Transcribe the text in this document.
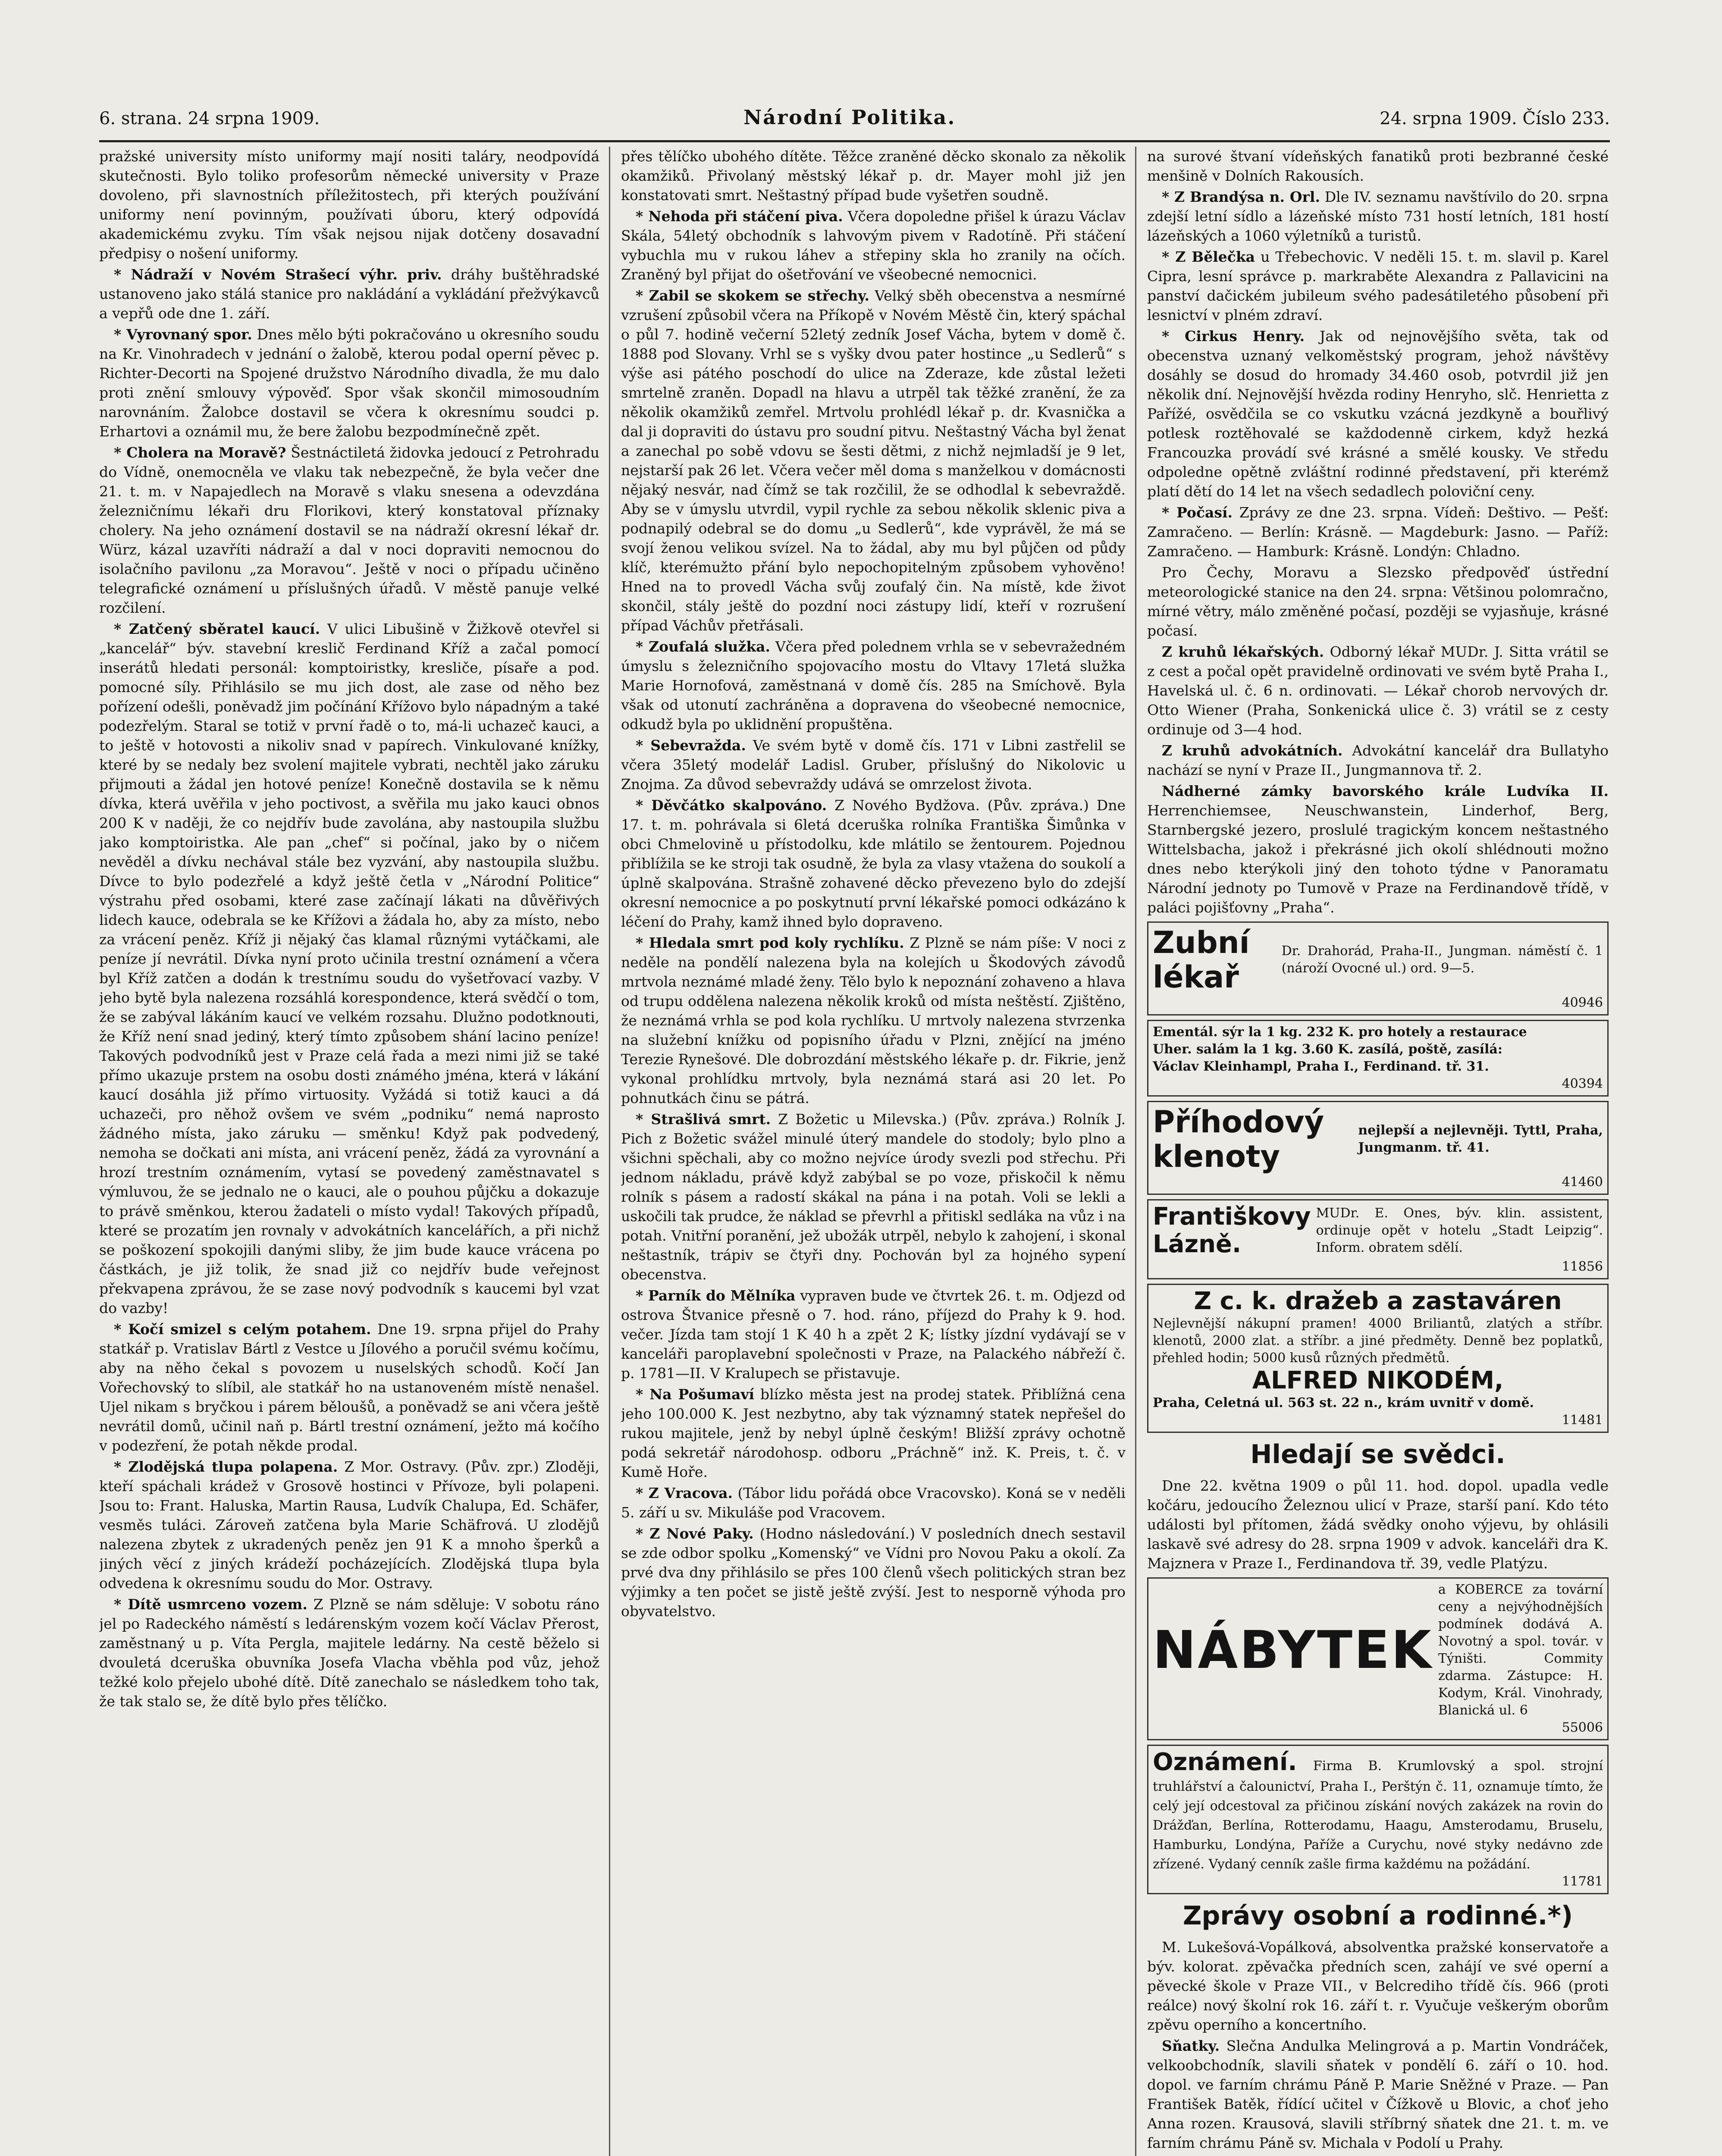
6. strana. 24 srpna 1909.	Národní Politika.	24. srpna 1909. Číslo 233.

pražské university místo uniformy mají nositi taláry, neodpovídá skutečnosti. Bylo toliko profesorům německé university v Praze dovoleno, při slavnostních příležitostech, při kterých používání uniformy není povinným, používati úboru, který odpovídá akademickému zvyku. Tím však nejsou nijak dotčeny dosavadní předpisy o nošení uniformy.

* Nádraží v Novém Strašecí výhr. priv. dráhy buštěhradské ustanoveno jako stálá stanice pro nakládání a vykládání přežvýkavců a vepřů ode dne 1. září.

* Vyrovnaný spor. Dnes mělo býti pokračováno u okresního soudu na Kr. Vinohradech v jednání o žalobě, kterou podal operní pěvec p. Richter-Decorti na Spojené družstvo Národního divadla, že mu dalo proti znění smlouvy výpověď. Spor však skončil mimosoudním narovnáním. Žalobce dostavil se včera k okresnímu soudci p. Erhartovi a oznámil mu, že bere žalobu bezpodmínečně zpět.

* Cholera na Moravě? Šestnáctiletá židovka jedoucí z Petrohradu do Vídně, onemocněla ve vlaku tak nebezpečně, že byla večer dne 21. t. m. v Napajedlech na Moravě s vlaku snesena a odevzdána železničnímu lékaři dru Florikovi, který konstatoval příznaky cholery. Na jeho oznámení dostavil se na nádraží okresní lékař dr. Würz, kázal uzavříti nádraží a dal v noci dopraviti nemocnou do isolačního pavilonu „za Moravou“. Ještě v noci o případu učiněno telegrafické oznámení u příslušných úřadů. V městě panuje velké rozčilení.

* Zatčený sběratel kaucí. V ulici Libušině v Žižkově otevřel si „kancelář“ býv. stavební kreslič Ferdinand Kříž a začal pomocí inserátů hledati personál: komptoiristky, kresliče, písaře a pod. pomocné síly. Přihlásilo se mu jich dost, ale zase od něho bez pořízení odešli, poněvadž jim počínání Křížovo bylo nápadným a také podezřelým. Staral se totiž v první řadě o to, má-li uchazeč kauci, a to ještě v hotovosti a nikoliv snad v papírech. Vinkulované knížky, které by se nedaly bez svolení majitele vybrati, nechtěl jako záruku přijmouti a žádal jen hotové peníze! Konečně dostavila se k němu dívka, která uvěřila v jeho poctivost, a svěřila mu jako kauci obnos 200 K v naději, že co nejdřív bude zavolána, aby nastoupila službu jako komptoiristka. Ale pan „chef“ si počínal, jako by o ničem nevěděl a dívku nechával stále bez vyzvání, aby nastoupila službu. Dívce to bylo podezřelé a když ještě četla v „Národní Politice“ výstrahu před osobami, které zase začínají lákati na důvěřivých lidech kauce, odebrala se ke Křížovi a žádala ho, aby za místo, nebo za vrácení peněz. Kříž ji nějaký čas klamal různými vytáčkami, ale peníze jí nevrátil. Dívka nyní proto učinila trestní oznámení a včera byl Kříž zatčen a dodán k trestnímu soudu do vyšetřovací vazby. V jeho bytě byla nalezena rozsáhlá korespondence, která svědčí o tom, že se zabýval lákáním kaucí ve velkém rozsahu. Dlužno podotknouti, že Kříž není snad jediný, který tímto způsobem shání lacino peníze! Takových podvodníků jest v Praze celá řada a mezi nimi již se také přímo ukazuje prstem na osobu dosti známého jména, která v lákání kaucí dosáhla již přímo virtuosity. Vyžádá si totiž kauci a dá uchazeči, pro něhož ovšem ve svém „podniku“ nemá naprosto žádného místa, jako záruku — směnku! Když pak podvedený, nemoha se dočkati ani místa, ani vrácení peněz, žádá za vyrovnání a hrozí trestním oznámením, vytasí se povedený zaměstnavatel s výmluvou, že se jednalo ne o kauci, ale o pouhou půjčku a dokazuje to právě směnkou, kterou žadateli o místo vydal! Takových případů, které se prozatím jen rovnaly v advokátních kancelářích, a při nichž se poškození spokojili danými sliby, že jim bude kauce vrácena po částkách, je již tolik, že snad již co nejdřív bude veřejnost překvapena zprávou, že se zase nový podvodník s kaucemi byl vzat do vazby!

* Kočí smizel s celým potahem. Dne 19. srpna přijel do Prahy statkář p. Vratislav Bártl z Vestce u Jílového a poručil svému kočímu, aby na něho čekal s povozem u nuselských schodů. Kočí Jan Vořechovský to slíbil, ale statkář ho na ustanoveném místě nenašel. Ujel nikam s bryčkou i párem běloušů, a poněvadž se ani včera ještě nevrátil domů, učinil naň p. Bártl trestní oznámení, ježto má kočího v podezření, že potah někde prodal.

* Zlodějská tlupa polapena. Z Mor. Ostravy. (Pův. zpr.) Zloději, kteří spáchali krádež v Grosově hostinci v Přívoze, byli polapeni. Jsou to: Frant. Haluska, Martin Rausa, Ludvík Chalupa, Ed. Schäfer, vesměs tuláci. Zároveň zatčena byla Marie Schäfrová. U zlodějů nalezena zbytek z ukradených peněz jen 91 K a mnoho šperků a jiných věcí z jiných krádeží pocházejících. Zlodějská tlupa byla odvedena k okresnímu soudu do Mor. Ostravy.

* Dítě usmrceno vozem. Z Plzně se nám sděluje: V sobotu ráno jel po Radeckého náměstí s ledárenským vozem kočí Václav Přerost, zaměstnaný u p. Víta Pergla, majitele ledárny. Na cestě běželo si dvouletá dceruška obuvníka Josefa Vlacha vběhla pod vůz, jehož težké kolo přejelo ubohé dítě. Dítě zanechalo se následkem toho tak, že tak stalo se, že dítě bylo přes tělíčko.

přes tělíčko ubohého dítěte. Těžce zraněné děcko skonalo za několik okamžiků. Přivolaný městský lékař p. dr. Mayer mohl již jen konstatovati smrt. Neštastný případ bude vyšetřen soudně.

* Nehoda při stáčení piva. Včera dopoledne přišel k úrazu Václav Skála, 54letý obchodník s lahvovým pivem v Radotíně. Při stáčení vybuchla mu v rukou láhev a střepiny skla ho zranily na očích. Zraněný byl přijat do ošetřování ve všeobecné nemocnici.

* Zabil se skokem se střechy. Velký sběh obecenstva a nesmírné vzrušení způsobil včera na Příkopě v Novém Městě čin, který spáchal o půl 7. hodině večerní 52letý zedník Josef Vácha, bytem v domě č. 1888 pod Slovany. Vrhl se s vyšky dvou pater hostince „u Sedlerů“ s výše asi pátého poschodí do ulice na Zderaze, kde zůstal ležeti smrtelně zraněn. Dopadl na hlavu a utrpěl tak těžké zranění, že za několik okamžiků zemřel. Mrtvolu prohlédl lékař p. dr. Kvasnička a dal ji dopraviti do ústavu pro soudní pitvu. Neštastný Vácha byl ženat a zanechal po sobě vdovu se šesti dětmi, z nichž nejmladší je 9 let, nejstarší pak 26 let. Včera večer měl doma s manželkou v domácnosti nějaký nesvár, nad čímž se tak rozčilil, že se odhodlal k sebevraždě. Aby se v úmyslu utvrdil, vypil rychle za sebou několik sklenic piva a podnapilý odebral se do domu „u Sedlerů“, kde vyprávěl, že má se svojí ženou velikou svízel. Na to žádal, aby mu byl půjčen od půdy klíč, kterémužto přání bylo nepochopitelným způsobem vyhověno! Hned na to provedl Vácha svůj zoufalý čin. Na místě, kde život skončil, stály ještě do pozdní noci zástupy lidí, kteří v rozrušení případ Váchův přetřásali.

* Zoufalá služka. Včera před polednem vrhla se v sebevražedném úmyslu s železničního spojovacího mostu do Vltavy 17letá služka Marie Hornofová, zaměstnaná v domě čís. 285 na Smíchově. Byla však od utonutí zachráněna a dopravena do všeobecné nemocnice, odkudž byla po uklidnění propuštěna.

* Sebevražda. Ve svém bytě v domě čís. 171 v Libni zastřelil se včera 35letý modelář Ladisl. Gruber, příslušný do Nikolovic u Znojma. Za důvod sebevraždy udává se omrzelost života.

* Děvčátko skalpováno. Z Nového Bydžova. (Pův. zpráva.) Dne 17. t. m. pohrávala si 6letá dceruška rolníka Františka Šimůnka v obci Chmelovině u přístodolku, kde mlátilo se žentourem. Pojednou přiblížila se ke stroji tak osudně, že byla za vlasy vtažena do soukolí a úplně skalpována. Strašně zohavené děcko převezeno bylo do zdejší okresní nemocnice a po poskytnutí první lékařské pomoci odkázáno k léčení do Prahy, kamž ihned bylo dopraveno.

* Hledala smrt pod koly rychlíku. Z Plzně se nám píše: V noci z neděle na pondělí nalezena byla na kolejích u Škodových závodů mrtvola neznámé mladé ženy. Tělo bylo k nepoznání zohaveno a hlava od trupu oddělena nalezena několik kroků od místa neštěstí. Zjištěno, že neznámá vrhla se pod kola rychlíku. U mrtvoly nalezena stvrzenka na služební knížku od popisního úřadu v Plzni, znějící na jméno Terezie Rynešové. Dle dobrozdání městského lékaře p. dr. Fikrie, jenž vykonal prohlídku mrtvoly, byla neznámá stará asi 20 let. Po pohnutkách činu se pátrá.

* Strašlivá smrt. Z Božetic u Milevska.) (Pův. zpráva.) Rolník J. Pich z Božetic svážel minulé úterý mandele do stodoly; bylo plno a všichni spěchali, aby co možno nejvíce úrody svezli pod střechu. Při jednom nákladu, právě když zabýbal se po voze, přiskočil k němu rolník s pásem a radostí skákal na pána i na potah. Voli se lekli a uskočili tak prudce, že náklad se převrhl a přitiskl sedláka na vůz i na potah. Vnitřní poranění, jež ubožák utrpěl, nebylo k zahojení, i skonal neštastník, trápiv se čtyři dny. Pochován byl za hojného sypení obecenstva.

* Parník do Mělníka vypraven bude ve čtvrtek 26. t. m. Odjezd od ostrova Štvanice přesně o 7. hod. ráno, příjezd do Prahy k 9. hod. večer. Jízda tam stojí 1 K 40 h a zpět 2 K; lístky jízdní vydávají se v kanceláři paroplavební společnosti v Praze, na Palackého nábřeží č. p. 1781—II. V Kralupech se přistavuje.

* Na Pošumaví blízko města jest na prodej statek. Přiblížná cena jeho 100.000 K. Jest nezbytno, aby tak významný statek nepřešel do rukou majitele, jenž by nebyl úplně českým! Bližší zprávy ochotně podá sekretář národohosp. odboru „Práchně“ inž. K. Preis, t. č. v Kumě Hoře.

* Z Vracova. (Tábor lidu pořádá obce Vracovsko). Koná se v neděli 5. září u sv. Mikuláše pod Vracovem.

* Z Nové Paky. (Hodno následování.) V posledních dnech sestavil se zde odbor spolku „Komenský“ ve Vídni pro Novou Paku a okolí. Za prvé dva dny přihlásilo se přes 100 členů všech politických stran bez výjimky a ten počet se jistě ještě zvýší. Jest to nesporně výhoda pro obyvatelstvo.

na surové štvaní vídeňských fanatiků proti bezbranné české menšině v Dolních Rakousích.

* Z Brandýsa n. Orl. Dle IV. seznamu navštívilo do 20. srpna zdejší letní sídlo a lázeňské místo 731 hostí letních, 181 hostí lázeňských a 1060 výletníků a turistů.

* Z Bělečka u Třebechovic. V neděli 15. t. m. slavil p. Karel Cipra, lesní správce p. markraběte Alexandra z Pallavicini na panství dačickém jubileum svého padesátiletého působení při lesnictví v plném zdraví.

* Cirkus Henry. Jak od nejnovějšího světa, tak od obecenstva uznaný velkoměstský program, jehož návštěvy dosáhly se dosud do hromady 34.460 osob, potvrdil již jen několik dní. Nejnovější hvězda rodiny Henryho, slč. Henrietta z Pařížé, osvědčila se co vskutku vzácná jezdkyně a bouřlivý potlesk roztěhovalé se každodenně cirkem, když hezká Francouzka provádí své krásné a smělé kousky. Ve středu odpoledne opětně zvláštní rodinné představení, při kterémž platí dětí do 14 let na všech sedadlech poloviční ceny.

* Počasí. Zprávy ze dne 23. srpna. Vídeň: Deštivo. — Pešť: Zamračeno. — Berlín: Krásně. — Magdeburk: Jasno. — Paříž: Zamračeno. — Hamburk: Krásně. Londýn: Chladno.

Pro Čechy, Moravu a Slezsko předpověď ústřední meteorologické stanice na den 24. srpna: Většinou polomračno, mírné větry, málo změněné počasí, později se vyjasňuje, krásné počasí.

Z kruhů lékařských. Odborný lékař MUDr. J. Sitta vrátil se z cest a počal opět pravidelně ordinovati ve svém bytě Praha I., Havelská ul. č. 6 n. ordinovati. — Lékař chorob nervových dr. Otto Wiener (Praha, Sonkenická ulice č. 3) vrátil se z cesty ordinuje od 3—4 hod.

Z kruhů advokátních. Advokátní kancelář dra Bullatyho nachází se nyní v Praze II., Jungmannova tř. 2.

Nádherné zámky bavorského krále Ludvíka II. Herrenchiemsee, Neuschwanstein, Linderhof, Berg, Starnbergské jezero, proslulé tragickým koncem neštastného Wittelsbacha, jakož i překrásné jich okolí shlédnouti možno dnes nebo kterýkoli jiný den tohoto týdne v Panoramatu Národní jednoty po Tumově v Praze na Ferdinandově třídě, v paláci pojišťovny „Praha“.

Zubní lékař
Dr. Drahorád, Praha-II., Jungman. náměstí č. 1 (nároží Ovocné ul.) ord. 9—5.
40946
Ementál. sýr la 1 kg. 232 K. pro hotely a restaurace
Uher. salám la 1 kg. 3.60 K. zasílá, poště, zasílá:
Václav Kleinhampl, Praha I., Ferdinand. tř. 31.
40394
Příhodový klenoty
nejlepší a nejlevněji. Tyttl, Praha, Jungmanm. tř. 41.
41460
Františkovy Lázně.
MUDr. E. Ones, býv. klin. assistent, ordinuje opět v hotelu „Stadt Leipzig“. Inform. obratem sdělí.
11856
Z c. k. dražeb a zastaváren
Nejlevnější nákupní pramen! 4000 Briliantů, zlatých a stříbr. klenotů, 2000 zlat. a stříbr. a jiné předměty. Denně bez poplatků, přehled hodin; 5000 kusů různých předmětů.
ALFRED NIKODÉM,
Praha, Celetná ul. 563 st. 22 n., krám uvnitř v domě.
11481
Hledají se svědci.

Dne 22. května 1909 o půl 11. hod. dopol. upadla vedle kočáru, jedoucího Železnou ulicí v Praze, starší paní. Kdo této události byl přítomen, žádá svědky onoho výjevu, by ohlásili laskavě své adresy do 28. srpna 1909 v advok. kanceláři dra K. Majznera v Praze I., Ferdinandova tř. 39, vedle Platýzu.

NÁBYTEK
a KOBERCE za tovární ceny a nejvýhodnějších podmínek dodává A. Novotný a spol. továr. v Týništi. Commity zdarma. Zástupce: H. Kodym, Král. Vinohrady, Blanická ul. 6
55006
Oznámení. Firma B. Krumlovský a spol. strojní truhlářství a čalounictví, Praha I., Perštýn č. 11, oznamuje tímto, že celý její odcestoval za přičinou získání nových zakázek na rovin do Drážďan, Berlína, Rotterodamu, Haagu, Amsterodamu, Bruselu, Hamburku, Londýna, Paříže a Curychu, nové styky nedávno zde zřízené. Vydaný cenník zašle firma každému na požádání.
11781
Zprávy osobní a rodinné.*)

M. Lukešová-Vopálková, absolventka pražské konservatoře a býv. kolorat. zpěvačka předních scen, zahájí ve své operní a pěvecké škole v Praze VII., v Belcrediho třídě čís. 966 (proti reálce) nový školní rok 16. září t. r. Vyučuje veškerým oborům zpěvu operního a koncertního.

Sňatky. Slečna Andulka Melingrová a p. Martin Vondráček, velkoobchodník, slavili sňatek v pondělí 6. září o 10. hod. dopol. ve farním chrámu Páně P. Marie Sněžné v Praze. — Pan František Batěk, řídící učitel v Čížkově u Blovic, a choť jeho Anna rozen. Krausová, slavili stříbrný sňatek dne 21. t. m. ve farním chrámu Páně sv. Michala v Podolí u Prahy.
